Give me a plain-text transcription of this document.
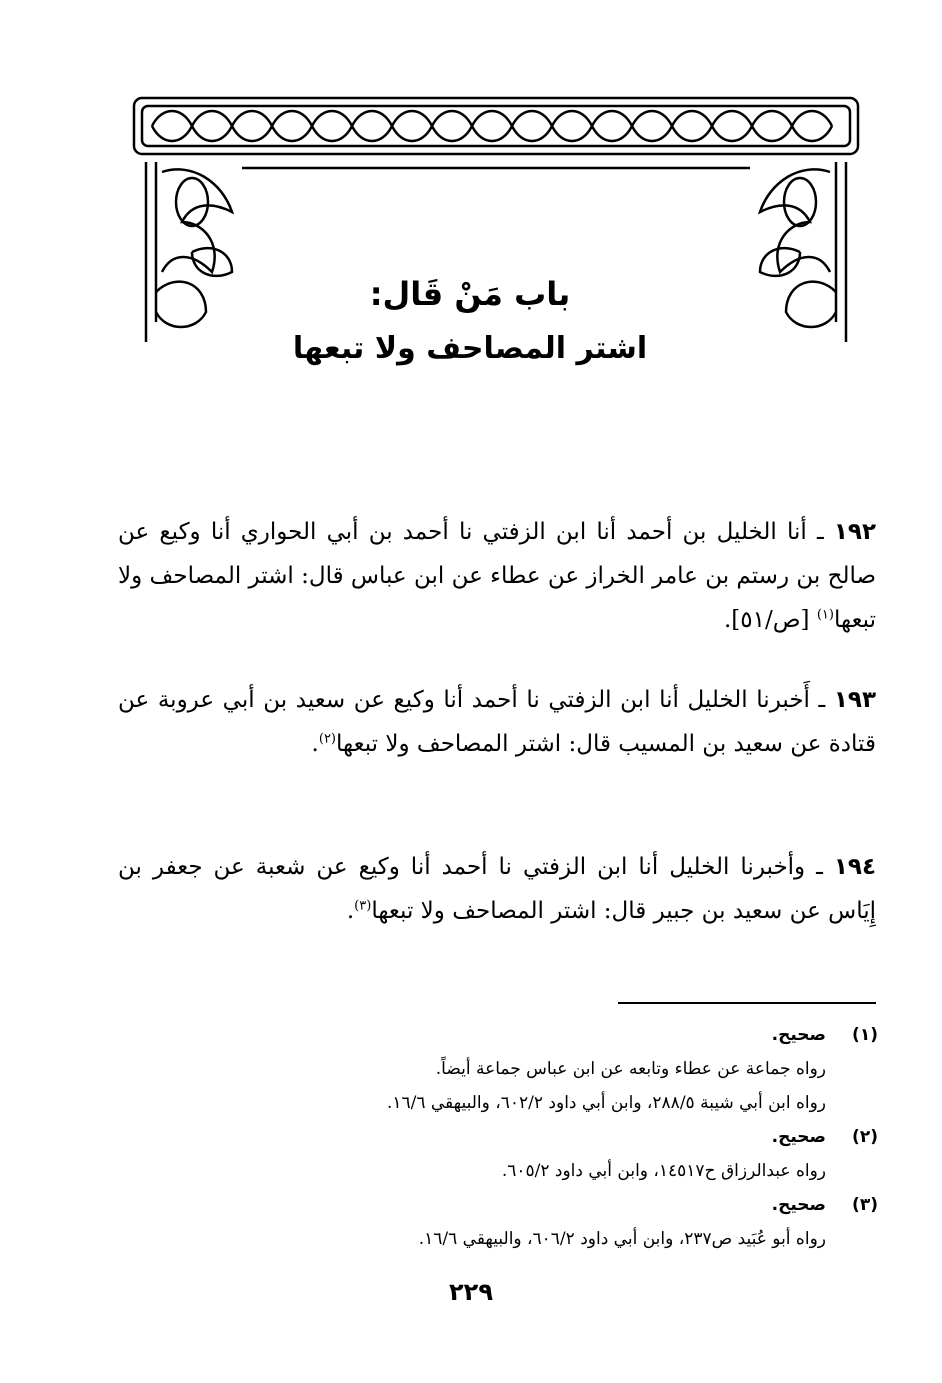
باب مَنْ قَال:
اشتر المصاحف ولا تبعها

١٩٢ ـ أنا الخليل بن أحمد أنا ابن الزفتي نا أحمد بن أبي الحواري أنا وكيع عن صالح بن رستم بن عامر الخراز عن عطاء عن ابن عباس قال: اشتر المصاحف ولا تبعها$^{(١)}$ [ص/٥١].

١٩٣ ـ أَخبرنا الخليل أنا ابن الزفتي نا أحمد أنا وكيع عن سعيد بن أبي عروبة عن قتادة عن سعيد بن المسيب قال: اشتر المصاحف ولا تبعها$^{(٢)}$.

١٩٤ ـ وأخبرنا الخليل أنا ابن الزفتي نا أحمد أنا وكيع عن شعبة عن جعفر بن إِيَاس عن سعيد بن جبير قال: اشتر المصاحف ولا تبعها$^{(٣)}$.

(١)
صحيح.
رواه جماعة عن عطاء وتابعه عن ابن عباس جماعة أيضاً.
رواه ابن أبي شيبة ٢٨٨/٥، وابن أبي داود ٦٠٢/٢، والبيهقي ١٦/٦.
(٢)
صحيح.
رواه عبدالرزاق ح١٤٥١٧، وابن أبي داود ٦٠٥/٢.
(٣)
صحيح.
رواه أبو عُبَيد ص٢٣٧، وابن أبي داود ٦٠٦/٢، والبيهقي ١٦/٦.
٢٢٩
